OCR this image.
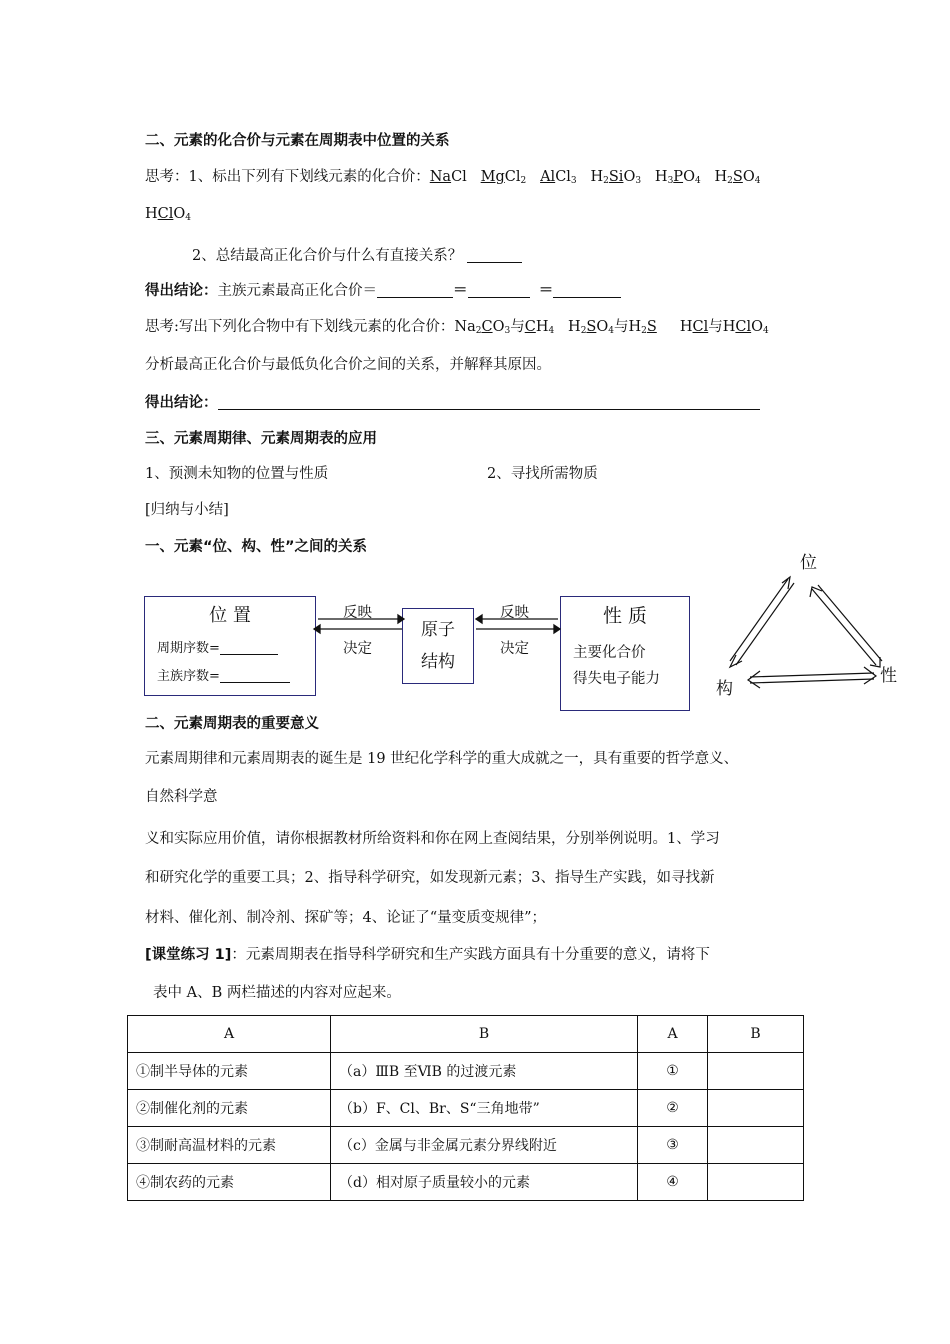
二、元素的化合价与元素在周期表中位置的关系
思考：1、标出下列有下划线元素的化合价：NaCl MgCl$_2$ AlCl$_3$ $H_2SiO_3$ $H_3PO_4$ $H_2SO_4$
HClO$_4$
2、总结最高正化合价与什么有直接关系？
得出结论：主族元素最高正化合价＝	＝	＝
思考:写出下列化合物中有下划线元素的化合价：$Na_2CO_3$与$CH_4$ $H_2SO_4$与$H_2S$ HCl与HClO$_4$
分析最高正化合价与最低负化合价之间的关系，并解释其原因。
得出结论：
三、元素周期律、元素周期表的应用
1、预测未知物的位置与性质	2、寻找所需物质
[归纳与小结]
一、元素“位、构、性”之间的关系
位 置
周期序数=
主族序数=
原子
结构
性 质
主要化合价
得失电子能力
反映
决定
反映
决定
位
构
性
二、元素周期表的重要意义
元素周期律和元素周期表的诞生是 19 世纪化学科学的重大成就之一，具有重要的哲学意义、
自然科学意
义和实际应用价值，请你根据教材所给资料和你在网上查阅结果，分别举例说明。1、学习
和研究化学的重要工具；2、指导科学研究，如发现新元素；3、指导生产实践，如寻找新
材料、催化剂、制冷剂、探矿等；4、论证了“量变质变规律”；
[课堂练习 1]：元素周期表在指导科学研究和生产实践方面具有十分重要的意义，请将下
表中 A、B 两栏描述的内容对应起来。
A	B	A	B
①制半导体的元素	（a）ⅢB 至ⅥB 的过渡元素	①	
②制催化剂的元素	（b）F、Cl、Br、S“三角地带”	②	
③制耐高温材料的元素	（c）金属与非金属元素分界线附近	③	
④制农药的元素	（d）相对原子质量较小的元素	④	
